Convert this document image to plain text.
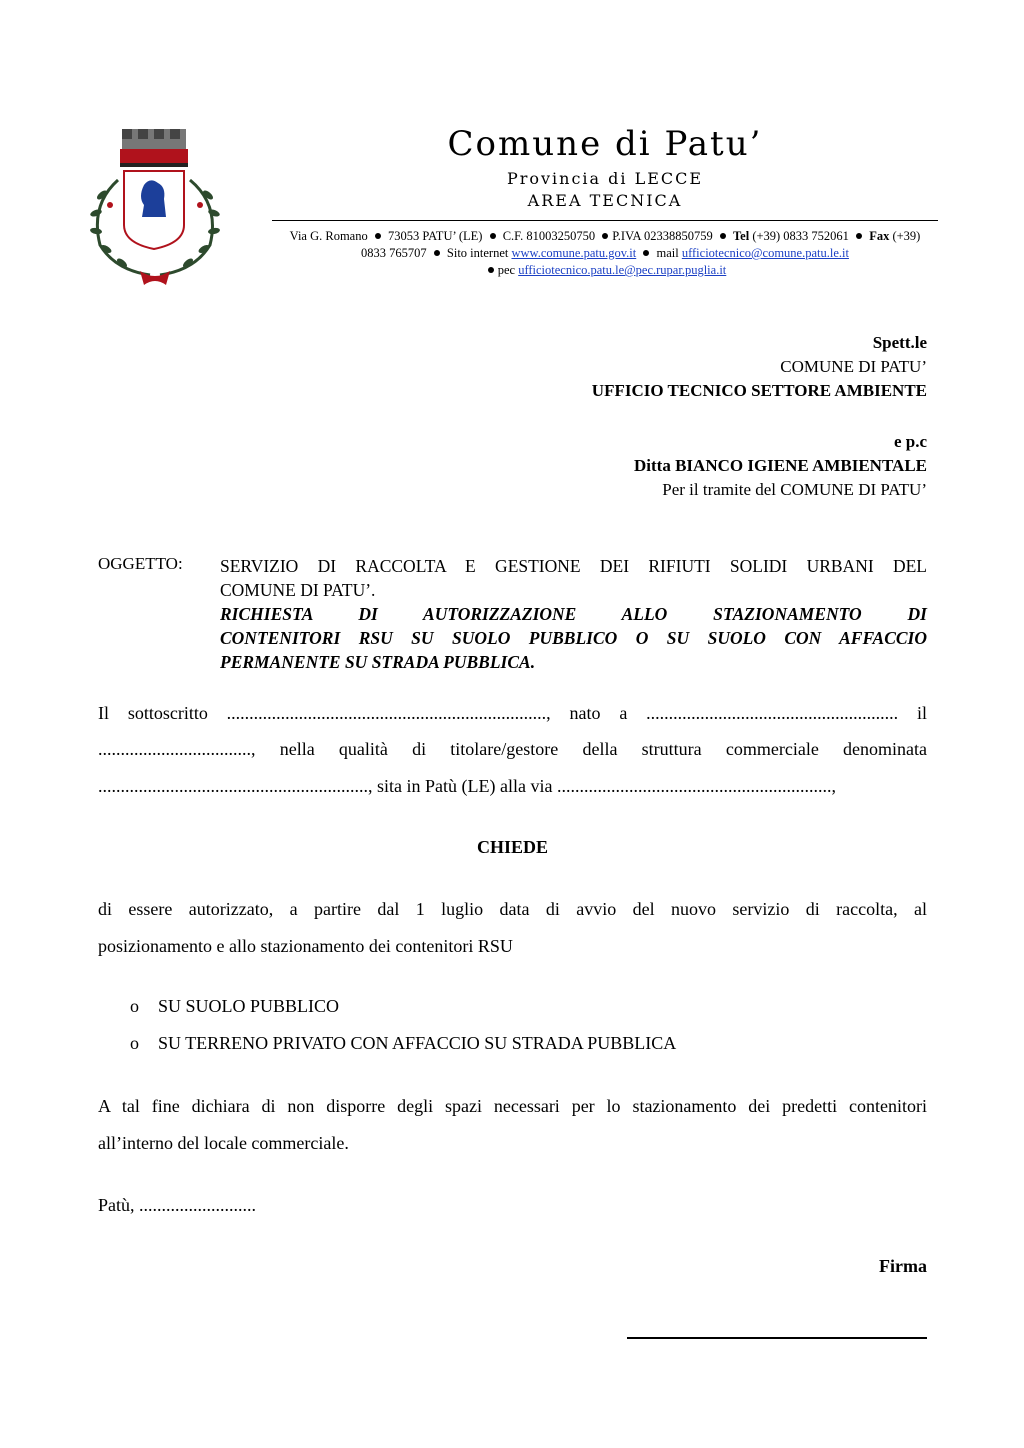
Comune di Patu’
Provincia di LECCE
AREA TECNICA
Via G. Romano 73053 PATU’ (LE) C.F. 81003250750 P.IVA 02338850759 Tel (+39) 0833 752061 Fax (+39)
0833 765707 Sito internet www.comune.patu.gov.it mail ufficiotecnico@comune.patu.le.it
pec ufficiotecnico.patu.le@pec.rupar.puglia.it
Spett.le
COMUNE DI PATU’
UFFICIO TECNICO SETTORE AMBIENTE
e p.c
Ditta BIANCO IGIENE AMBIENTALE
Per il tramite del COMUNE DI PATU’
OGGETTO: SERVIZIO DI RACCOLTA E GESTIONE DEI RIFIUTI SOLIDI URBANI DEL
COMUNE DI PATU’.
RICHIESTA DI AUTORIZZAZIONE ALLO STAZIONAMENTO DI
CONTENITORI RSU SU SUOLO PUBBLICO O SU SUOLO CON AFFACCIO
PERMANENTE SU STRADA PUBBLICA.
Il sottoscritto ......................................................................., nato a ........................................................ il
.................................., nella qualità di titolare/gestore della struttura commerciale denominata
............................................................, sita in Patù (LE) alla via .............................................................,
CHIEDE
di essere autorizzato, a partire dal 1 luglio data di avvio del nuovo servizio di raccolta, al
posizionamento e allo stazionamento dei contenitori RSU
o SU SUOLO PUBBLICO
o SU TERRENO PRIVATO CON AFFACCIO SU STRADA PUBBLICA
A tal fine dichiara di non disporre degli spazi necessari per lo stazionamento dei predetti contenitori
all’interno del locale commerciale.
Patù, ..........................
Firma
